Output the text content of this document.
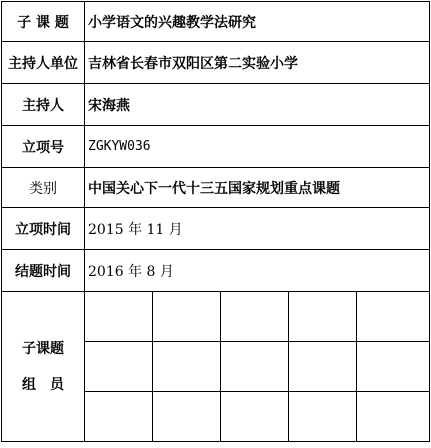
子 课 题	小学语文的兴趣教学法研究				
主持人单位	吉林省长春市双阳区第二实验小学				
主持人	宋海燕				
立项号	ZGKYW036				
类别	中国关心下一代十三五国家规划重点课题				
立项时间	2015 年 11 月				
结题时间	2016 年 8 月				

子课题
组　员					
